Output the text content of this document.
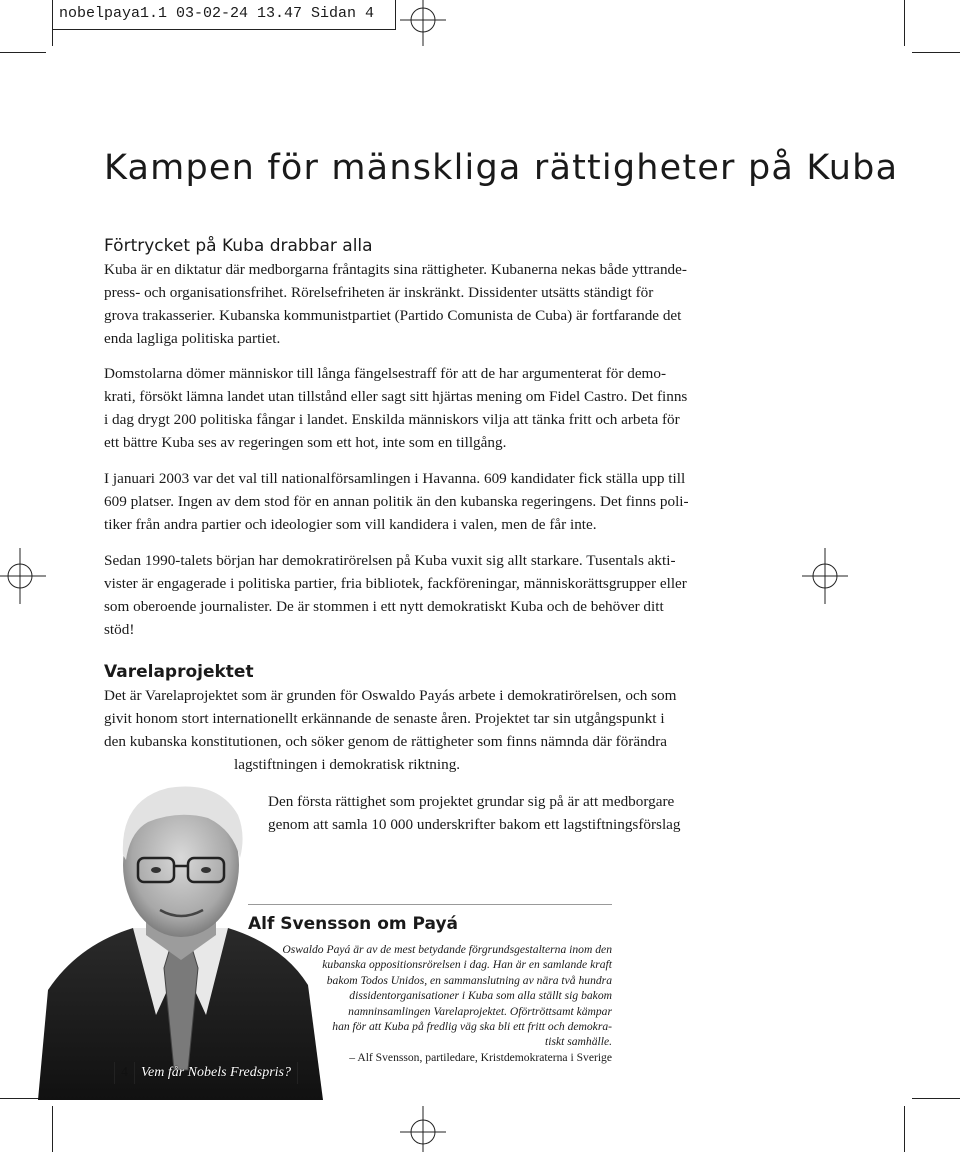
nobelpaya1.1 03-02-24 13.47 Sidan 4
Kampen för mänskliga rättigheter på Kuba
Förtrycket på Kuba drabbar alla

Kuba är en diktatur där medborgarna fråntagits sina rättigheter. Kubanerna nekas både yttrande-
press- och organisationsfrihet. Rörelsefriheten är inskränkt. Dissidenter utsätts ständigt för
grova trakasserier. Kubanska kommunistpartiet (Partido Comunista de Cuba) är fortfarande det
enda lagliga politiska partiet.

Domstolarna dömer människor till långa fängelsestraff för att de har argumenterat för demo-
krati, försökt lämna landet utan tillstånd eller sagt sitt hjärtas mening om Fidel Castro. Det finns
i dag drygt 200 politiska fångar i landet. Enskilda människors vilja att tänka fritt och arbeta för
ett bättre Kuba ses av regeringen som ett hot, inte som en tillgång.

I januari 2003 var det val till nationalförsamlingen i Havanna. 609 kandidater fick ställa upp till
609 platser. Ingen av dem stod för en annan politik än den kubanska regeringens. Det finns poli-
tiker från andra partier och ideologier som vill kandidera i valen, men de får inte.

Sedan 1990-talets början har demokratirörelsen på Kuba vuxit sig allt starkare. Tusentals akti-
vister är engagerade i politiska partier, fria bibliotek, fackföreningar, människorättsgrupper eller
som oberoende journalister. De är stommen i ett nytt demokratiskt Kuba och de behöver ditt
stöd!

Varelaprojektet

Det är Varelaprojektet som är grunden för Oswaldo Payás arbete i demokratirörelsen, och som
givit honom stort internationellt erkännande de senaste åren. Projektet tar sin utgångspunkt i
den kubanska konstitutionen, och söker genom de rättigheter som finns nämnda där förändra
lagstiftningen i demokratisk riktning.

Den första rättighet som projektet grundar sig på är att medborgare
genom att samla 10 000 underskrifter bakom ett lagstiftningsförslag

Alf Svensson om Payá
Oswaldo Payá är av de mest betydande förgrundsgestalterna inom den
kubanska oppositionsrörelsen i dag. Han är en samlande kraft
bakom Todos Unidos, en sammanslutning av nära två hundra
dissidentorganisationer i Kuba som alla ställt sig bakom
namninsamlingen Varelaprojektet. Oförtröttsamt kämpar
han för att Kuba på fredlig väg ska bli ett fritt och demokra-
tiskt samhälle.
– Alf Svensson, partiledare, Kristdemokraterna i Sverige
4 Vem får Nobels Fredspris?
